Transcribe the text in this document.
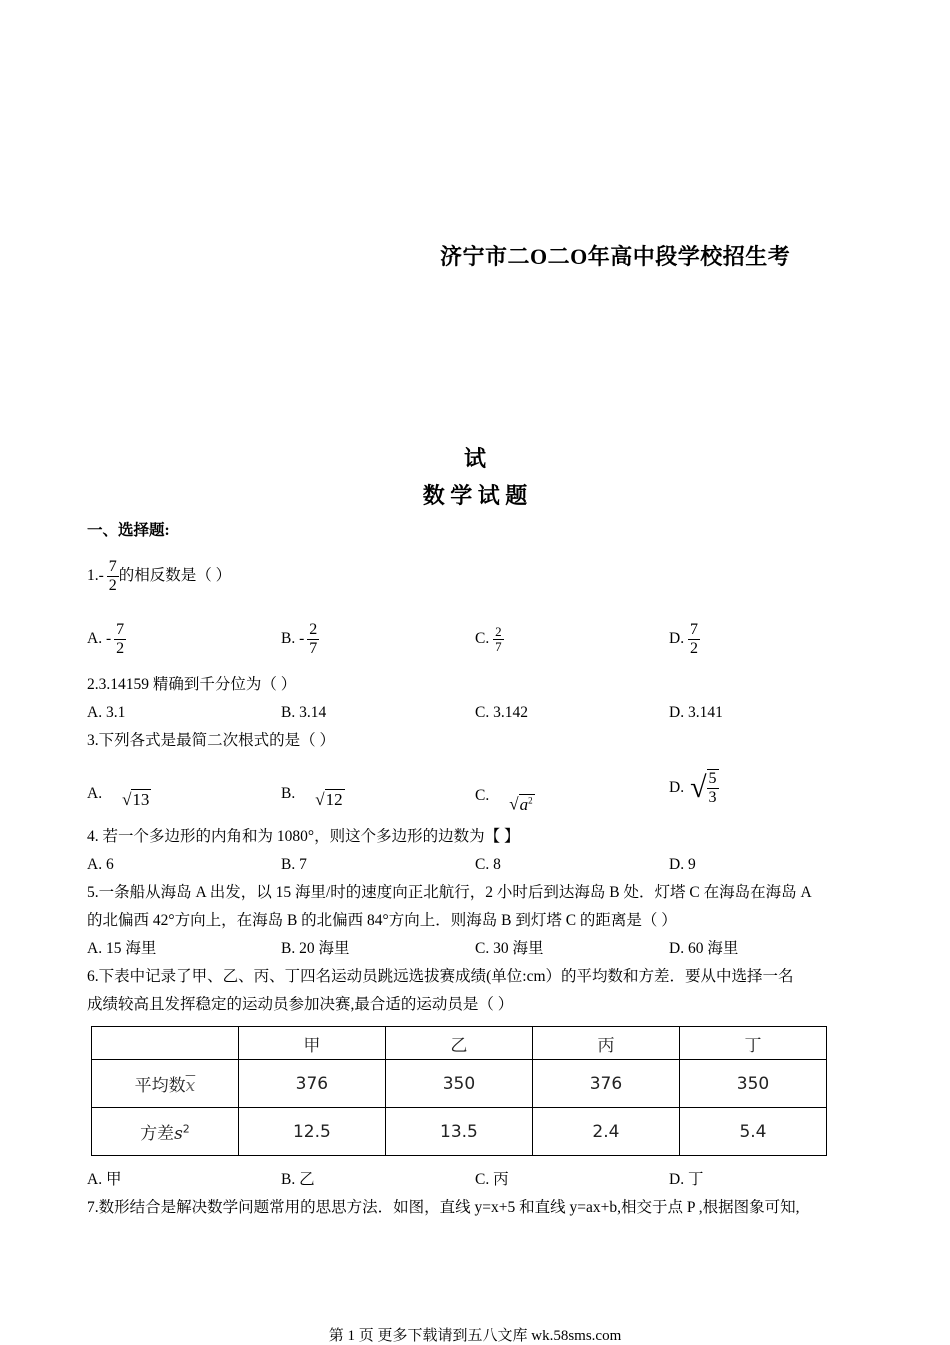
济宁市二O二O年高中段学校招生考
试
数 学 试 题
一、选择题:
1. - $\frac{7}{2}$ 的相反数是（ ）
A.
- $\frac{7}{2}$	B.
- $\frac{2}{7}$	C.
$\frac{2}{7}$	D.
$\frac{7}{2}$
2.3.14159 精确到千分位为（ ）
A. 3.1	B. 3.14	C. 3.142	D. 3.141
3.下列各式是最简二次根式的是（ ）
A. √13	B. √12	C. $√a^2$
D. √ $\frac{5}{3}$
4. 若一个多边形的内角和为 1080°，则这个多边形的边数为【 】
A. 6	B. 7	C. 8	D. 9
5.一条船从海岛 A 出发，以 15 海里/时的速度向正北航行，2 小时后到达海岛 B 处．灯塔 C 在海岛在海岛 A
的北偏西 42°方向上，在海岛 B 的北偏西 84°方向上．则海岛 B 到灯塔 C 的距离是（ ）
A. 15 海里	B. 20 海里	C. 30 海里	D. 60 海里
6.下表中记录了甲、乙、丙、丁四名运动员跳远选拔赛成绩(单位:cm）的平均数和方差．要从中选择一名
成绩较高且发挥稳定的运动员参加决赛,最合适的运动员是（ ）
	甲	乙	丙	丁
平均数$\overline{x}$	376	350	376	350
方差$s^2$	12.5	13.5	2.4	5.4
A. 甲	B. 乙	C. 丙	D. 丁
7.数形结合是解决数学问题常用的思思方法．如图，直线 y=x+5 和直线 y=ax+b,相交于点 P ,根据图象可知,
第 1 页 更多下载请到五八文库 wk.58sms.com
